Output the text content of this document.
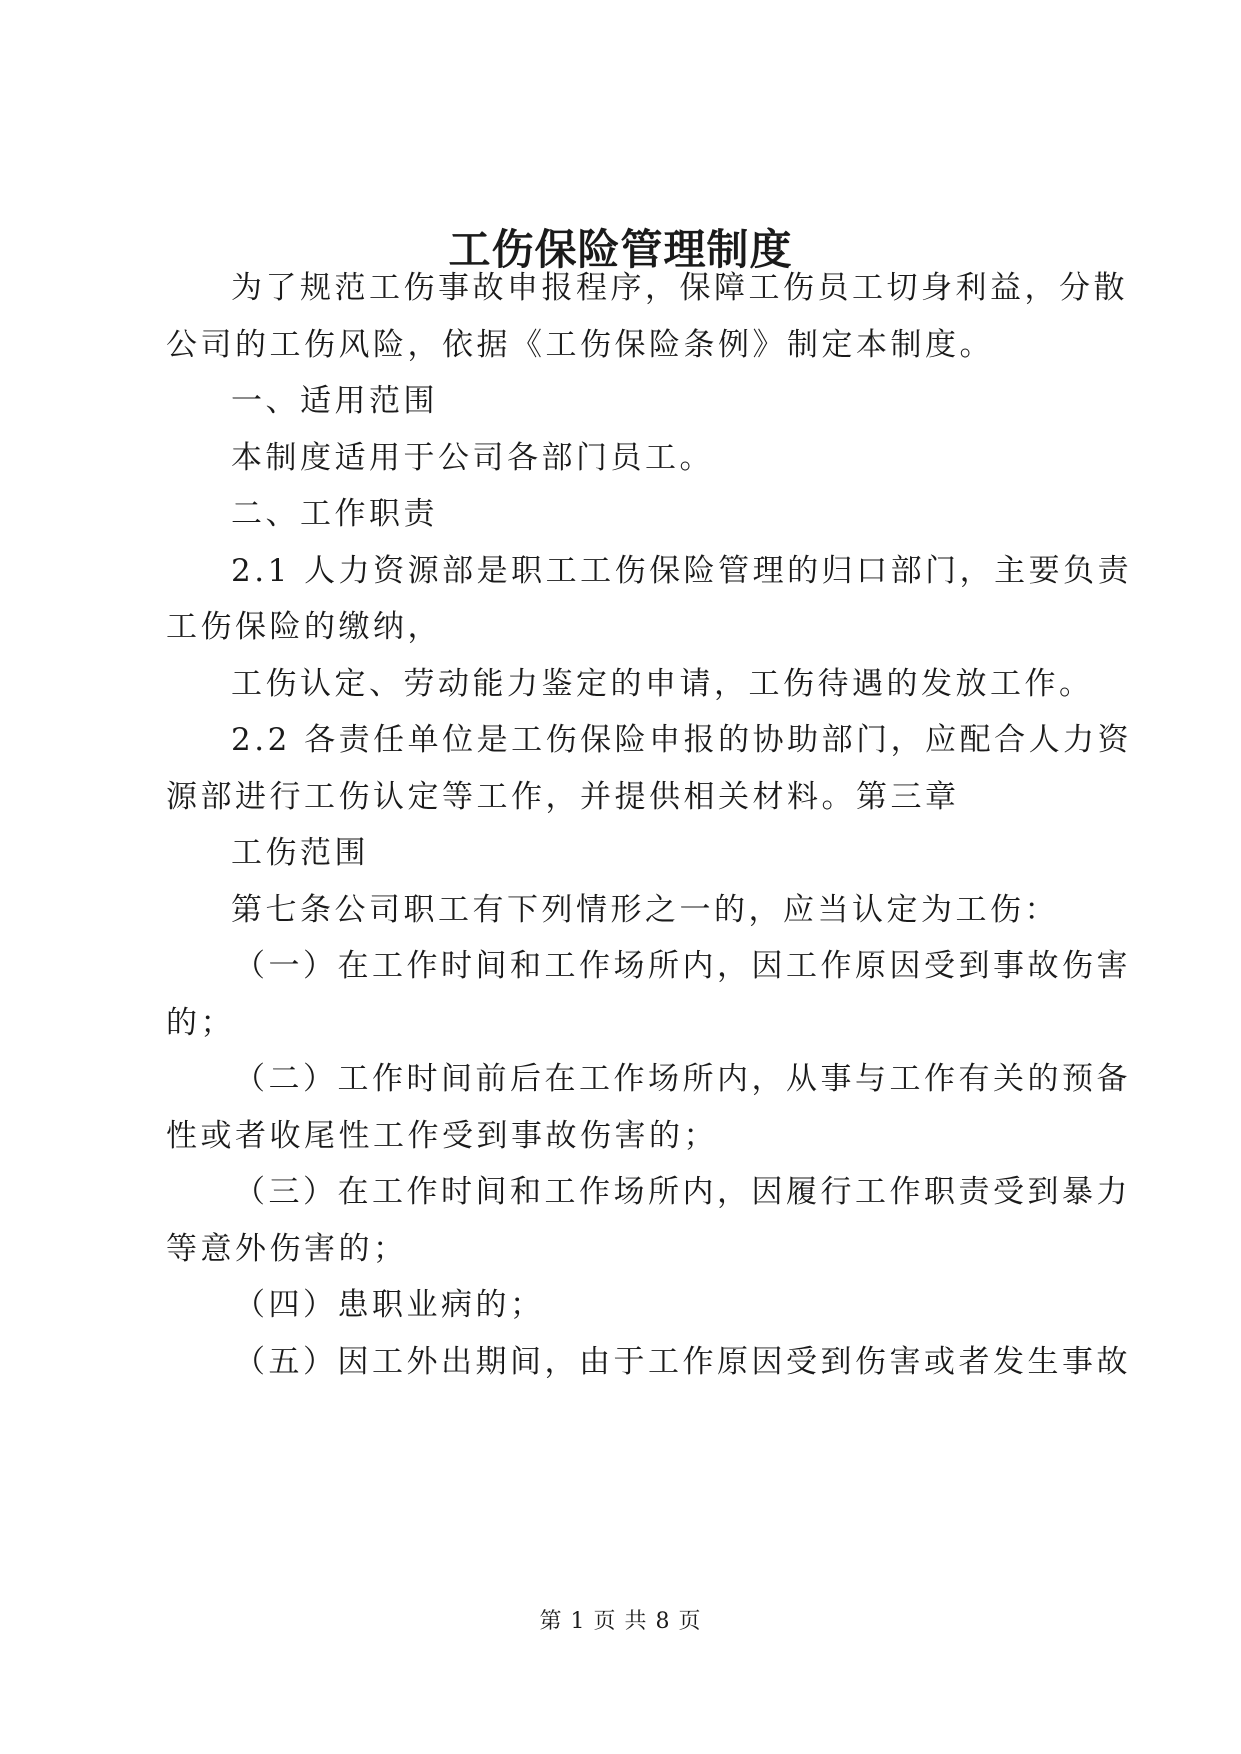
工伤保险管理制度
为了规范工伤事故申报程序，保障工伤员工切身利益，分散
公司的工伤风险，依据《工伤保险条例》制定本制度。
一、适用范围
本制度适用于公司各部门员工。
二、工作职责
2.1 人力资源部是职工工伤保险管理的归口部门，主要负责
工伤保险的缴纳，
工伤认定、劳动能力鉴定的申请，工伤待遇的发放工作。
2.2 各责任单位是工伤保险申报的协助部门，应配合人力资
源部进行工伤认定等工作，并提供相关材料。第三章
工伤范围
第七条公司职工有下列情形之一的，应当认定为工伤：
（一）在工作时间和工作场所内，因工作原因受到事故伤害
的；
（二）工作时间前后在工作场所内，从事与工作有关的预备
性或者收尾性工作受到事故伤害的；
（三）在工作时间和工作场所内，因履行工作职责受到暴力
等意外伤害的；
（四）患职业病的；
（五）因工外出期间，由于工作原因受到伤害或者发生事故
第 1 页 共 8 页
